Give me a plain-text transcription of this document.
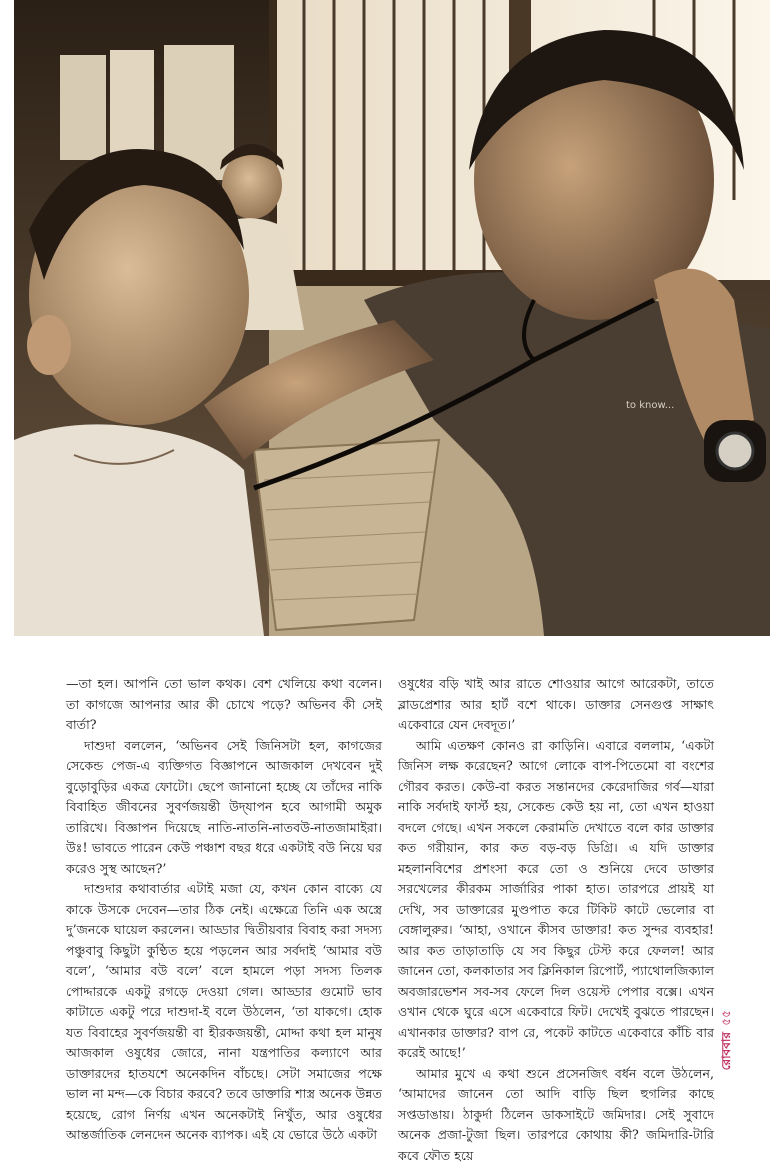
to know...

—তা হল। আপনি তো ভাল কথক। বেশ খেলিয়ে কথা বলেন। তা কাগজে আপনার আর কী চোখে পড়ে? অভিনব কী সেই বার্তা?

দাশুদা বললেন, ‘অভিনব সেই জিনিসটা হল, কাগজের সেকেন্ড পেজ-এ ব্যক্তিগত বিজ্ঞাপনে আজকাল দেখবেন দুই বুড়োবুড়ির একত্র ফোটো। ছেপে জানানো হচ্ছে যে তাঁদের নাকি বিবাহিত জীবনের সুবর্ণজয়ন্তী উদ্‌যাপন হবে আগামী অমুক তারিখে। বিজ্ঞাপন দিয়েছে নাতি-নাতনি-নাতবউ-নাতজামাইরা। উঃ! ভাবতে পারেন কেউ পঞ্চাশ বছর ধরে একটাই বউ নিয়ে ঘর করেও সুস্থ আছেন?’

দাশুদার কথাবার্তার এটাই মজা যে, কখন কোন বাক্যে যে কাকে উসকে দেবেন—তার ঠিক নেই। এক্ষেত্রে তিনি এক অস্ত্রে দু’জনকে ঘায়েল করলেন। আড্ডার দ্বিতীয়বার বিবাহ করা সদস্য পঞ্চুবাবু কিছুটা কুণ্ঠিত হয়ে পড়লেন আর সর্বদাই ‘আমার বউ বলে’, ‘আমার বউ বলে’ বলে হামলে পড়া সদস্য তিলক পোদ্দারকে একটু রগড়ে দেওয়া গেল। আড্ডার গুমোট ভাব কাটাতে একটু পরে দাশুদা-ই বলে উঠলেন, ‘তা যাকগে। হোক যত বিবাহের সুবর্ণজয়ন্তী বা হীরকজয়ন্তী, মোদ্দা কথা হল মানুষ আজকাল ওষুধের জোরে, নানা যন্ত্রপাতির কল্যাণে আর ডাক্তারদের হাতযশে অনেকদিন বাঁচছে। সেটা সমাজের পক্ষে ভাল না মন্দ—কে বিচার করবে? তবে ডাক্তারি শাস্ত্র অনেক উন্নত হয়েছে, রোগ নির্ণয় এখন অনেকটাই নিখুঁত, আর ওষুধের আন্তর্জাতিক লেনদেন অনেক ব্যাপক। এই যে ভোরে উঠে একটা

ওষুধের বড়ি খাই আর রাতে শোওয়ার আগে আরেকটা, তাতে ব্লাডপ্রেশার আর হার্ট বশে থাকে। ডাক্তার সেনগুপ্ত সাক্ষাৎ একেবারে যেন দেবদূত।’

আমি এতক্ষণ কোনও রা কাড়িনি। এবারে বললাম, ‘একটা জিনিস লক্ষ করেছেন? আগে লোকে বাপ-পিতেমো বা বংশের গৌরব করত। কেউ-বা করত সন্তানদের কেরেদাজির গর্ব—যারা নাকি সর্বদাই ফার্স্ট হয়, সেকেন্ড কেউ হয় না, তো এখন হাওয়া বদলে গেছে। এখন সকলে কেরামতি দেখাতে বলে কার ডাক্তার কত গরীয়ান, কার কত বড়-বড় ডিগ্রি। এ যদি ডাক্তার মহলানবিশের প্রশংসা করে তো ও শুনিয়ে দেবে ডাক্তার সরখেলের কীরকম সার্জারির পাকা হাত। তারপরে প্রায়ই যা দেখি, সব ডাক্তারের মুণ্ডপাত করে টিকিট কাটে ভেলোর বা বেঙ্গালুরুর। ‘আহা, ওখানে কীসব ডাক্তার! কত সুন্দর ব্যবহার! আর কত তাড়াতাড়ি যে সব কিছুর টেস্ট করে ফেলল! আর জানেন তো, কলকাতার সব ক্লিনিকাল রিপোর্ট, প্যাথোলজিক্যাল অবজারভেশন সব-সব ফেলে দিল ওয়েস্ট পেপার বক্সে। এখন ওখান থেকে ঘুরে এসে একেবারে ফিট। দেখেই বুঝতে পারছেন। এখানকার ডাক্তার? বাপ রে, পকেট কাটতে একেবারে কাঁচি বার করেই আছে!’

আমার মুখে এ কথা শুনে প্রসেনজিৎ বর্ধন বলে উঠলেন, ‘আমাদের জানেন তো আদি বাড়ি ছিল হুগলির কাছে সপ্তডাঙায়। ঠাকুর্দা ঠিলেন ডাকসাইটে জমিদার। সেই সুবাদে অনেক প্রজা-টুজা ছিল। তারপরে কোথায় কী? জমিদারি-টারি কবে ফৌত হয়ে

৫৫
রোববার
